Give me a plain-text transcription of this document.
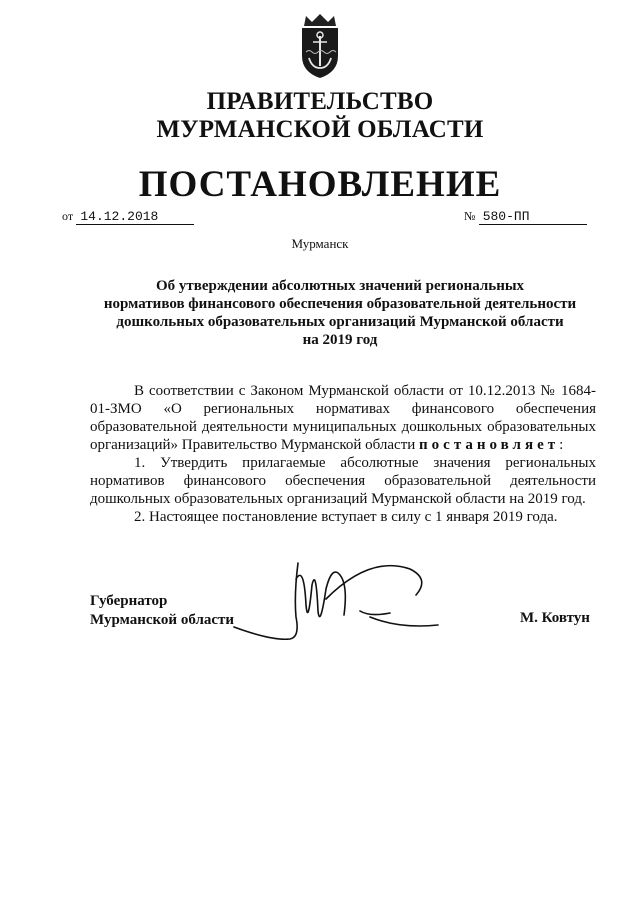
ПРАВИТЕЛЬСТВО
МУРМАНСКОЙ ОБЛАСТИ
ПОСТАНОВЛЕНИЕ
от 14.12.2018	№ 580-ПП
Мурманск
Об утверждении абсолютных значений региональных
нормативов финансового обеспечения образовательной деятельности
дошкольных образовательных организаций Мурманской области
на 2019 год

В соответствии с Законом Мурманской области от 10.12.2013 № 1684-01-ЗМО «О региональных нормативах финансового обеспечения образовательной деятельности муниципальных дошкольных образовательных организаций» Правительство Мурманской области постановляет:

1. Утвердить прилагаемые абсолютные значения региональных нормативов финансового обеспечения образовательной деятельности дошкольных образовательных организаций Мурманской области на 2019 год.

2. Настоящее постановление вступает в силу с 1 января 2019 года.

Губернатор
Мурманской области	М. Ковтун
